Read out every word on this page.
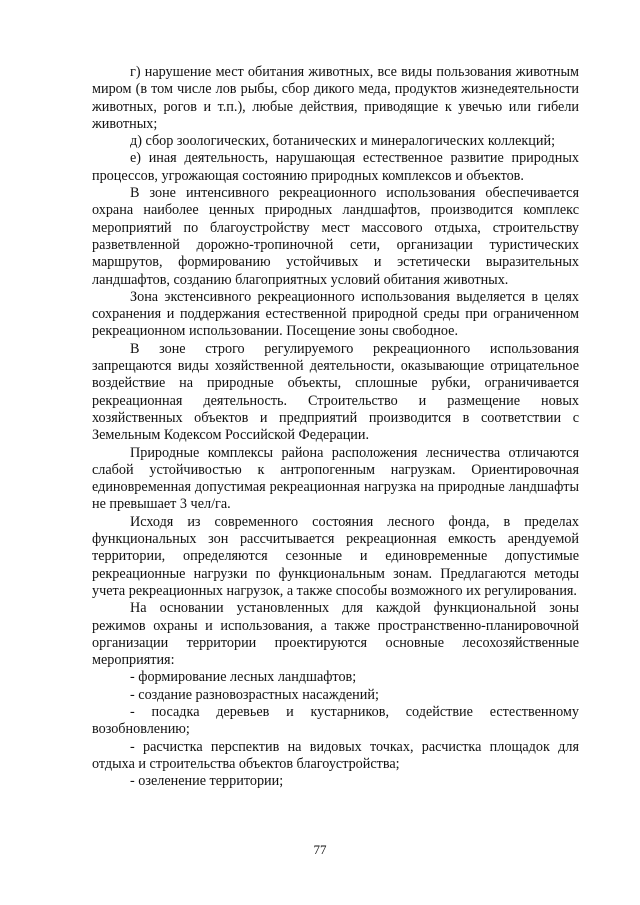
г) нарушение мест обитания животных, все виды пользования животным миром (в том числе лов рыбы, сбор дикого меда, продуктов жизнедеятельности животных, рогов и т.п.), любые действия, приводящие к увечью или гибели животных;

д) сбор зоологических, ботанических и минералогических коллекций;

е) иная деятельность, нарушающая естественное развитие природных процессов, угрожающая состоянию природных комплексов и объектов.

В зоне интенсивного рекреационного использования обеспечивается охрана наиболее ценных природных ландшафтов, производится комплекс мероприятий по благоустройству мест массового отдыха, строительству разветвленной дорожно-тропиночной сети, организации туристических маршрутов, формированию устойчивых и эстетически выразительных ландшафтов, созданию благоприятных условий обитания животных.

Зона экстенсивного рекреационного использования выделяется в целях сохранения и поддержания естественной природной среды при ограниченном рекреационном использовании. Посещение зоны свободное.

В зоне строго регулируемого рекреационного использования запрещаются виды хозяйственной деятельности, оказывающие отрицательное воздействие на природные объекты, сплошные рубки, ограничивается рекреационная деятельность. Строительство и размещение новых хозяйственных объектов и предприятий производится в соответствии с Земельным Кодексом Российской Федерации.

Природные комплексы района расположения лесничества отличаются слабой устойчивостью к антропогенным нагрузкам. Ориентировочная единовременная допустимая рекреационная нагрузка на природные ландшафты не превышает 3 чел/га.

Исходя из современного состояния лесного фонда, в пределах функциональных зон рассчитывается рекреационная емкость арендуемой территории, определяются сезонные и единовременные допустимые рекреационные нагрузки по функциональным зонам. Предлагаются методы учета рекреационных нагрузок, а также способы возможного их регулирования.

На основании установленных для каждой функциональной зоны режимов охраны и использования, а также пространственно-планировочной организации территории проектируются основные лесохозяйственные мероприятия:

- формирование лесных ландшафтов;

- создание разновозрастных насаждений;

- посадка деревьев и кустарников, содействие естественному возобновлению;

- расчистка перспектив на видовых точках, расчистка площадок для отдыха и строительства объектов благоустройства;

- озеленение территории;

77
